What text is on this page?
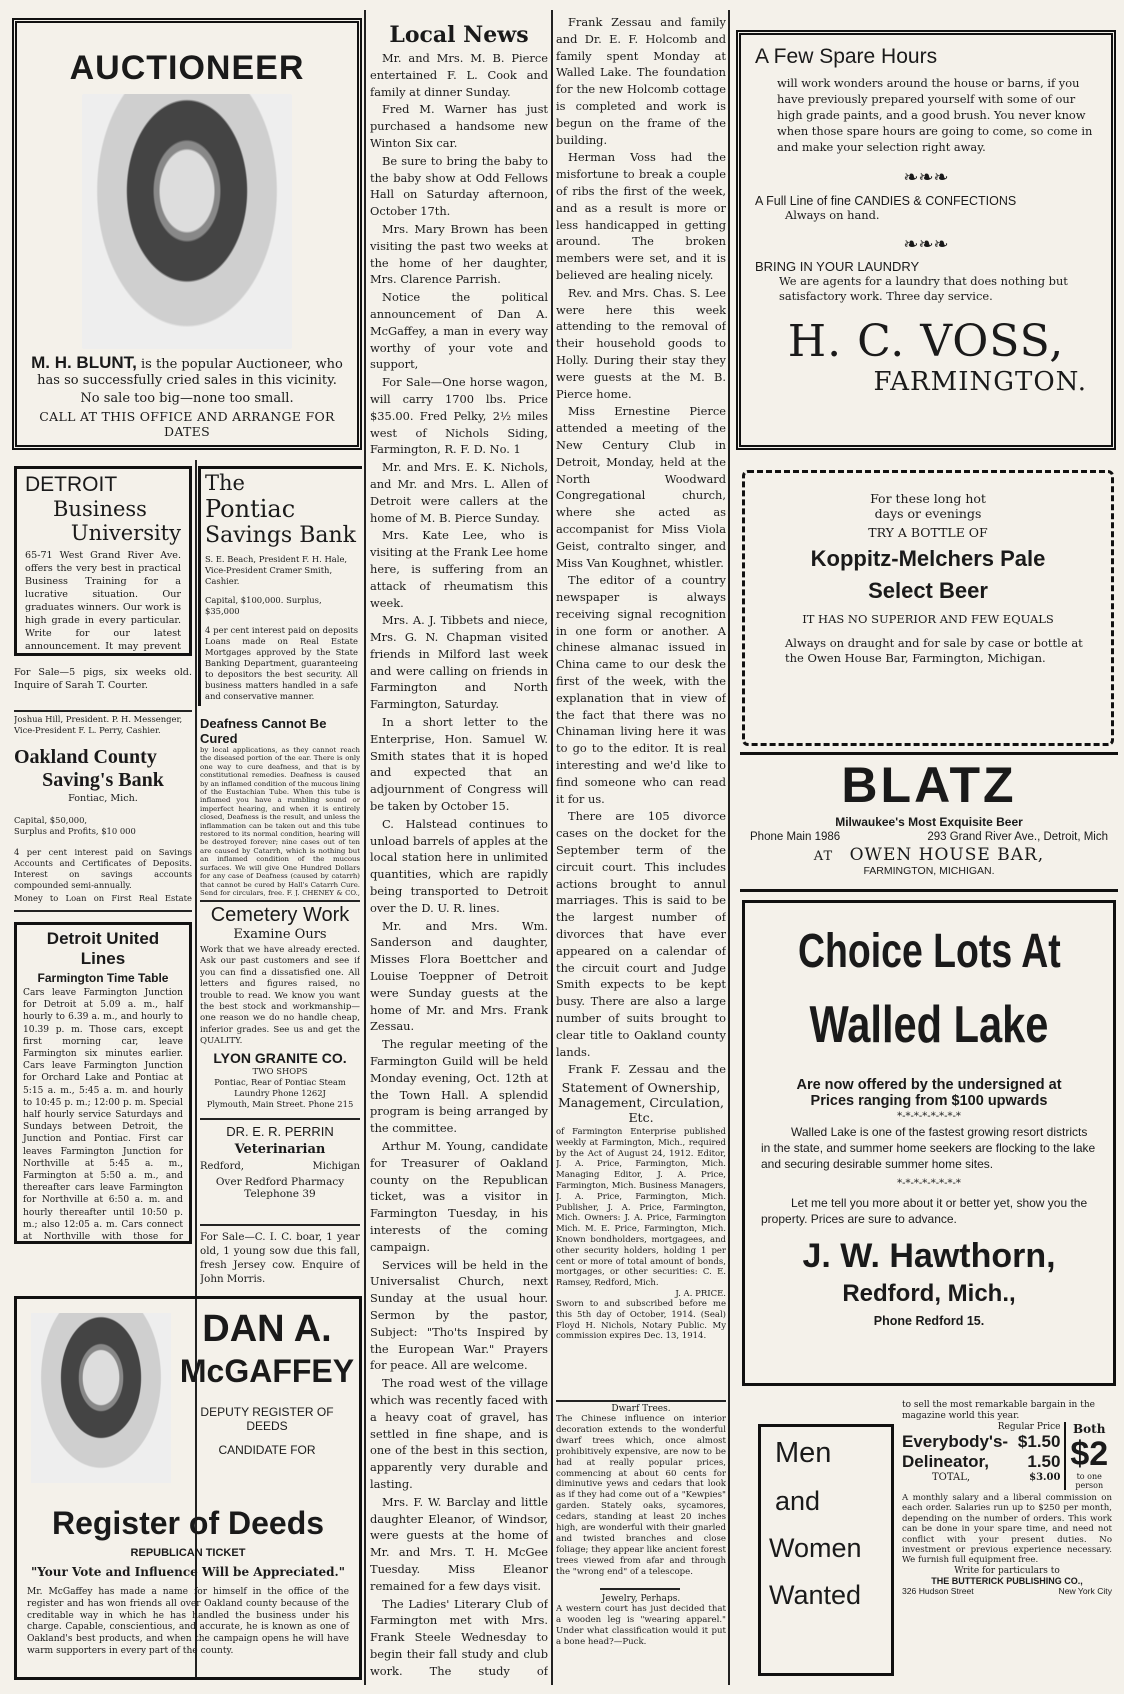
AUCTIONEER
M. H. BLUNT, is the popular Auctioneer, who has so successfully cried sales in this vicinity.
No sale too big—none too small.
CALL AT THIS OFFICE AND ARRANGE FOR DATES
DETROIT
Business
University
65-71 West Grand River Ave. offers the very best in practical Business Training for a lucrative situation. Our graduates winners. Our work is high grade in every particular. Write for our latest announcement. It may prevent
The
Pontiac
Savings Bank
S. E. Beach, President F. H. Hale, Vice-President Cramer Smith, Cashier.
Capital, $100,000. Surplus, $35,000
4 per cent interest paid on deposits Loans made on Real Estate Mortgages approved by the State Banking Department, guaranteeing to depositors the best security. All business matters handled in a safe and conservative manner.
For Sale—5 pigs, six weeks old. Inquire of Sarah T. Courter.
Joshua Hill, President. P. H. Messenger, Vice-President F. L. Perry, Cashier.
Oakland County
Saving's Bank
Fontiac, Mich.
Capital, $50,000,
Surplus and Profits, $10 000
4 per cent interest paid on Savings Accounts and Certificates of Deposits. Interest on savings accounts compounded semi-annually.
Money to Loan on First Real Estate
Deafness Cannot Be Cured
by local applications, as they cannot reach the diseased portion of the ear. There is only one way to cure deafness, and that is by constitutional remedies. Deafness is caused by an inflamed condition of the mucous lining of the Eustachian Tube. When this tube is inflamed you have a rumbling sound or imperfect hearing, and when it is entirely closed, Deafness is the result, and unless the inflammation can be taken out and this tube restored to its normal condition, hearing will be destroyed forever; nine cases out of ten are caused by Catarrh, which is nothing but an inflamed condition of the mucous surfaces. We will give One Hundred Dollars for any case of Deafness (caused by catarrh) that cannot be cured by Hall's Catarrh Cure. Send for circulars, free. F. J. CHENEY & CO.,
Detroit United Lines
Farmington Time Table
Cars leave Farmington Junction for Detroit at 5.09 a. m., half hourly to 6.39 a. m., and hourly to 10.39 p. m. Those cars, except first morning car, leave Farmington six minutes earlier. Cars leave Farmington Junction for Orchard Lake and Pontiac at 5:15 a. m., 5:45 a. m. and hourly to 10:45 p. m.; 12:00 p. m. Special half hourly service Saturdays and Sundays between Detroit, the Junction and Pontiac. First car leaves Farmington Junction for Northville at 5:45 a. m., Farmington at 5:50 a. m., and thereafter cars leave Farmington for Northville at 6:50 a. m. and hourly thereafter until 10:50 p. m.; also 12:05 a. m. Cars connect at Northville with those for
Cemetery Work
Examine Ours
Work that we have already erected. Ask our past customers and see if you can find a dissatisfied one. All letters and figures raised, no trouble to read. We know you want the best stock and workmanship—one reason we do no handle cheap, inferior grades. See us and get the QUALITY.
LYON GRANITE CO.
TWO SHOPS
Pontiac, Rear of Pontiac Steam Laundry Phone 1262J
Plymouth, Main Street. Phone 215
DR. E. R. PERRIN
Veterinarian
Redford,	Michigan
Over Redford Pharmacy
Telephone 39
For Sale—C. I. C. boar, 1 year old, 1 young sow due this fall, fresh Jersey cow. Enquire of John Morris.
DAN A.
McGAFFEY
DEPUTY REGISTER OF
DEEDS
CANDIDATE FOR
Register of Deeds
REPUBLICAN TICKET
"Your Vote and Influence Will be Appreciated."
Mr. McGaffey has made a name for himself in the office of the register and has won friends all over Oakland county because of the creditable way in which he has handled the business under his charge. Capable, conscientious, and accurate, he is known as one of Oakland's best products, and when the campaign opens he will have warm supporters in every part of the county.
Local News

Mr. and Mrs. M. B. Pierce entertained F. L. Cook and family at dinner Sunday.

Fred M. Warner has just purchased a handsome new Winton Six car.

Be sure to bring the baby to the baby show at Odd Fellows Hall on Saturday afternoon, October 17th.

Mrs. Mary Brown has been visiting the past two weeks at the home of her daughter, Mrs. Clarence Parrish.

Notice the political announcement of Dan A. McGaffey, a man in every way worthy of your vote and support,

For Sale—One horse wagon, will carry 1700 lbs. Price $35.00. Fred Pelky, 2½ miles west of Nichols Siding, Farmington, R. F. D. No. 1

Mr. and Mrs. E. K. Nichols, and Mr. and Mrs. L. Allen of Detroit were callers at the home of M. B. Pierce Sunday.

Mrs. Kate Lee, who is visiting at the Frank Lee home here, is suffering from an attack of rheumatism this week.

Mrs. A. J. Tibbets and niece, Mrs. G. N. Chapman visited friends in Milford last week and were calling on friends in Farmington and North Farmington, Saturday.

In a short letter to the Enterprise, Hon. Samuel W. Smith states that it is hoped and expected that an adjournment of Congress will be taken by October 15.

C. Halstead continues to unload barrels of apples at the local station here in unlimited quantities, which are rapidly being transported to Detroit over the D. U. R. lines.

Mr. and Mrs. Wm. Sanderson and daughter, Misses Flora Boettcher and Louise Toeppner of Detroit were Sunday guests at the home of Mr. and Mrs. Frank Zessau.

The regular meeting of the Farmington Guild will be held Monday evening, Oct. 12th at the Town Hall. A splendid program is being arranged by the committee.

Arthur M. Young, candidate for Treasurer of Oakland county on the Republican ticket, was a visitor in Farmington Tuesday, in his interests of the coming campaign.

Services will be held in the Universalist Church, next Sunday at the usual hour. Sermon by the pastor, Subject: "Tho'ts Inspired by the European War." Prayers for peace. All are welcome.

The road west of the village which was recently faced with a heavy coat of gravel, has settled in fine shape, and is one of the best in this section, apparently very durable and lasting.

Mrs. F. W. Barclay and little daughter Eleanor, of Windsor, were guests at the home of Mr. and Mrs. T. H. McGee Tuesday. Miss Eleanor remained for a few days visit.

The Ladies' Literary Club of Farmington met with Mrs. Frank Steele Wednesday to begin their fall study and club work. The study of

Frank Zessau and family and Dr. E. F. Holcomb and family spent Monday at Walled Lake. The foundation for the new Holcomb cottage is completed and work is begun on the frame of the building.

Herman Voss had the misfortune to break a couple of ribs the first of the week, and as a result is more or less handicapped in getting around. The broken members were set, and it is believed are healing nicely.

Rev. and Mrs. Chas. S. Lee were here this week attending to the removal of their household goods to Holly. During their stay they were guests at the M. B. Pierce home.

Miss Ernestine Pierce attended a meeting of the New Century Club in Detroit, Monday, held at the North Woodward Congregational church, where she acted as accompanist for Miss Viola Geist, contralto singer, and Miss Van Koughnet, whistler.

The editor of a country newspaper is always receiving signal recognition in one form or another. A chinese almanac issued in China came to our desk the first of the week, with the explanation that in view of the fact that there was no Chinaman living here it was to go to the editor. It is real interesting and we'd like to find someone who can read it for us.

There are 105 divorce cases on the docket for the September term of the circuit court. This includes actions brought to annul marriages. This is said to be the largest number of divorces that have ever appeared on a calendar of the circuit court and Judge Smith expects to be kept busy. There are also a large number of suits brought to clear title to Oakland county lands.

Frank F. Zessau and the

Statement of Ownership, Management, Circulation, Etc.
of Farmington Enterprise published weekly at Farmington, Mich., required by the Act of August 24, 1912. Editor, J. A. Price, Farmington, Mich. Managing Editor, J. A. Price, Farmington, Mich. Business Managers, J. A. Price, Farmington, Mich. Publisher, J. A. Price, Farmington, Mich. Owners: J. A. Price, Farmington Mich. M. E. Price, Farmington, Mich. Known bondholders, mortgagees, and other security holders, holding 1 per cent or more of total amount of bonds, mortgages, or other securities: C. E. Ramsey, Redford, Mich.
J. A. PRICE.
Sworn to and subscribed before me this 5th day of October, 1914. (Seal) Floyd H. Nichols, Notary Public. My commission expires Dec. 13, 1914.
Dwarf Trees.
The Chinese influence on interior decoration extends to the wonderful dwarf trees which, once almost prohibitively expensive, are now to be had at really popular prices, commencing at about 60 cents for diminutive yews and cedars that look as if they had come out of a "Kewpies" garden. Stately oaks, sycamores, cedars, standing at least 20 inches high, are wonderful with their gnarled and twisted branches and close foliage; they appear like ancient forest trees viewed from afar and through the "wrong end" of a telescope.
Jewelry, Perhaps.
A western court has just decided that a wooden leg is "wearing apparel." Under what classification would it put a bone head?—Puck.
A Few Spare Hours
will work wonders around the house or barns, if you have previously prepared yourself with some of our high grade paints, and a good brush. You never know when those spare hours are going to come, so come in and make your selection right away.
❧❧❧
A Full Line of fine CANDIES & CONFECTIONS
Always on hand.
❧❧❧
BRING IN YOUR LAUNDRY
We are agents for a laundry that does nothing but satisfactory work. Three day service.
H. C. VOSS,
FARMINGTON.
For these long hot
days or evenings
TRY A BOTTLE OF
Koppitz-Melchers Pale
Select Beer
IT HAS NO SUPERIOR AND FEW EQUALS
Always on draught and for sale by case or bottle at the Owen House Bar, Farmington, Michigan.
BLATZ
Milwaukee's Most Exquisite Beer
Phone Main 1986	293 Grand River Ave., Detroit, Mich
AT OWEN HOUSE BAR,
FARMINGTON, MICHIGAN.
Choice Lots At
Walled Lake
Are now offered by the undersigned at
Prices ranging from $100 upwards
*-*-*-*-*-*-*-*
Walled Lake is one of the fastest growing resort districts in the state, and summer home seekers are flocking to the lake and securing desirable summer home sites.
*-*-*-*-*-*-*-*
Let me tell you more about it or better yet, show you the property. Prices are sure to advance.
J. W. Hawthorn,
Redford, Mich.,
Phone Redford 15.
Men
and
Women
Wanted
to sell the most remarkable bargain in the magazine world this year.
Regular Price
Everybody's- $1.50
Delineator, 1.50
TOTAL,	$3.00
Both
$2
to one person
A monthly salary and a liberal commission on each order. Salaries run up to $250 per month, depending on the number of orders. This work can be done in your spare time, and need not conflict with your present duties. No investment or previous experience necessary. We furnish full equipment free.
Write for particulars to
THE BUTTERICK PUBLISHING CO.,
326 Hudson Street	New York City
